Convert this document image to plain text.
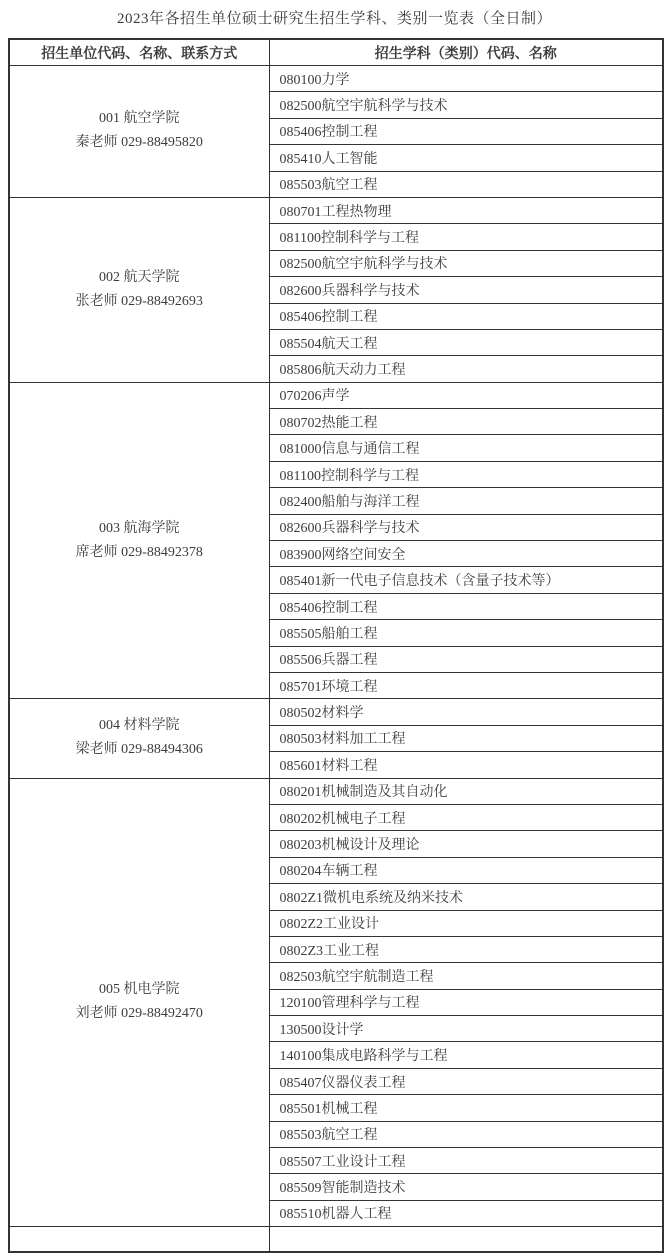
2023年各招生单位硕士研究生招生学科、类别一览表（全日制）
招生单位代码、名称、联系方式	招生学科（类别）代码、名称

001 航空学院
秦老师 029-88495820	080100力学
	082500航空宇航科学与技术
	085406控制工程
	085410人工智能
	085503航空工程

002 航天学院
张老师 029-88492693	080701工程热物理
	081100控制科学与工程
	082500航空宇航科学与技术
	082600兵器科学与技术
	085406控制工程
	085504航天工程
	085806航天动力工程

003 航海学院
席老师 029-88492378	070206声学
	080702热能工程
	081000信息与通信工程
	081100控制科学与工程
	082400船舶与海洋工程
	082600兵器科学与技术
	083900网络空间安全
	085401新一代电子信息技术（含量子技术等）
	085406控制工程
	085505船舶工程
	085506兵器工程
	085701环境工程

004 材料学院
梁老师 029-88494306	080502材料学
	080503材料加工工程
	085601材料工程

005 机电学院
刘老师 029-88492470	080201机械制造及其自动化
	080202机械电子工程
	080203机械设计及理论
	080204车辆工程
	0802Z1微机电系统及纳米技术
	0802Z2工业设计
	0802Z3工业工程
	082503航空宇航制造工程
	120100管理科学与工程
	130500设计学
	140100集成电路科学与工程
	085407仪器仪表工程
	085501机械工程
	085503航空工程
	085507工业设计工程
	085509智能制造技术
	085510机器人工程
